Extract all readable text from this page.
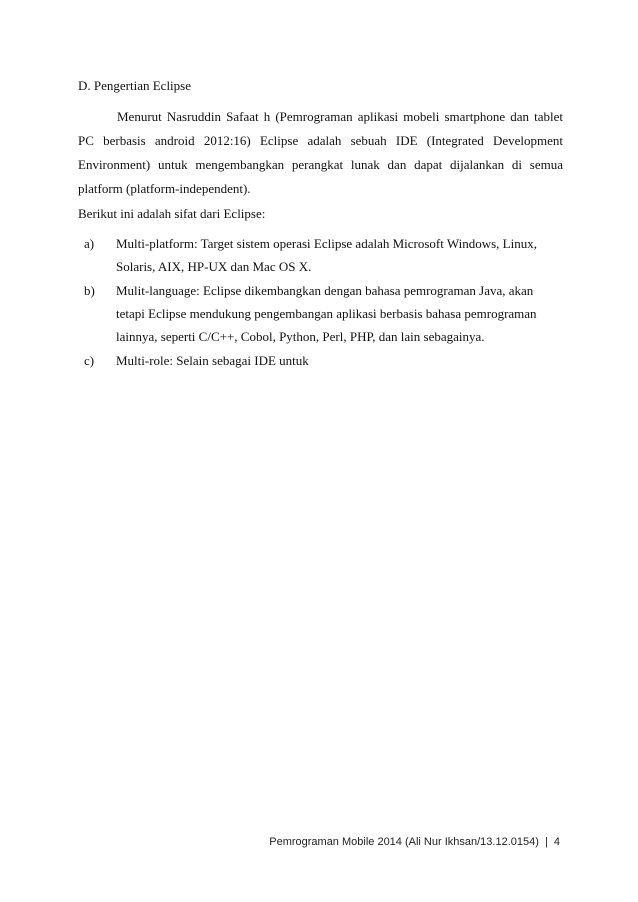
D. Pengertian Eclipse
Menurut Nasruddin Safaat h (Pemrograman aplikasi mobeli smartphone dan tablet PC berbasis android 2012:16) Eclipse adalah sebuah IDE (Integrated Development Environment) untuk mengembangkan perangkat lunak dan dapat dijalankan di semua platform (platform-independent).
Berikut ini adalah sifat dari Eclipse:
a) Multi-platform: Target sistem operasi Eclipse adalah Microsoft Windows, Linux, Solaris, AIX, HP-UX dan Mac OS X.
b) Mulit-language: Eclipse dikembangkan dengan bahasa pemrograman Java, akan tetapi Eclipse mendukung pengembangan aplikasi berbasis bahasa pemrograman lainnya, seperti C/C++, Cobol, Python, Perl, PHP, dan lain sebagainya.
c) Multi-role: Selain sebagai IDE untuk
Pemrograman Mobile 2014 (Ali Nur Ikhsan/13.12.0154) | 4
